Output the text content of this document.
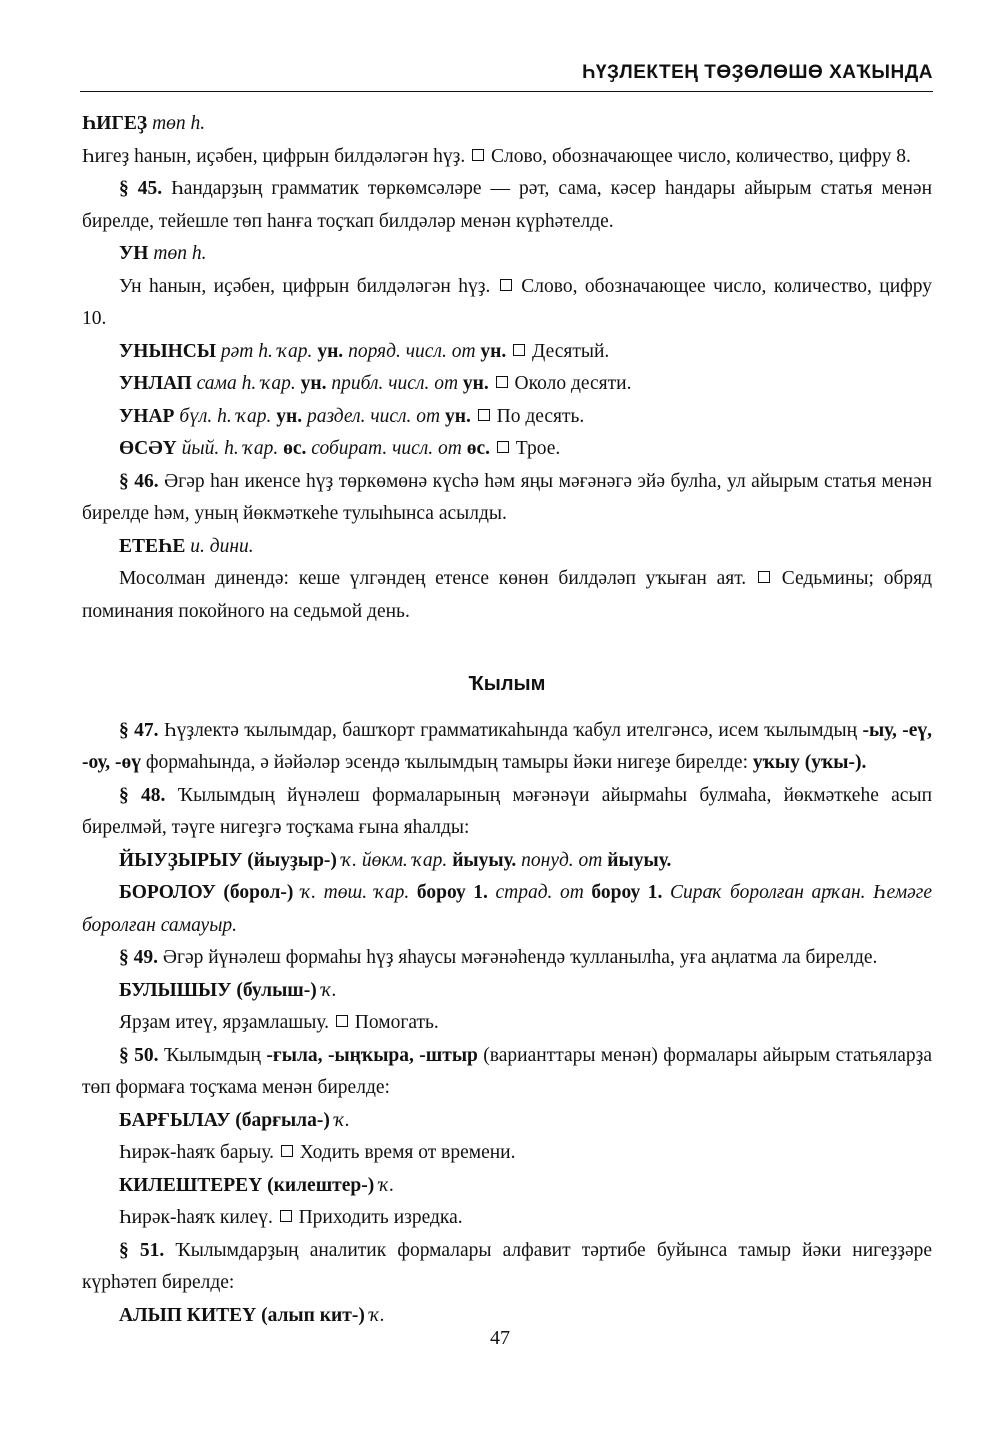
ҺҮҘЛЕКТЕҢ ТӨҘӨЛӨШӨ ХАҠЫНДА

ҺИГЕҘ төп һ.

Һигеҙ һанын, иҫәбен, цифрын билдәләгән һүҙ. Слово, обозначающее число, количество, цифру 8.

§ 45. Һандарҙың грамматик төркөмсәләре — рәт, сама, кәсер һандары айырым статья менән бирелде, тейешле төп һанға тоҫҡап билдәләр менән күрһәтелде.

УН төп һ.

Ун һанын, иҫәбен, цифрын билдәләгән һүҙ. Слово, обозначающее число, количество, цифру 10.

УНЫНСЫ рәт һ. ҡар. ун. поряд. числ. от ун. Десятый.

УНЛАП сама һ. ҡар. ун. прибл. числ. от ун. Около десяти.

УНАР бүл. һ. ҡар. ун. раздел. числ. от ун. По десять.

ӨСӘҮ йый. һ. ҡар. өс. собират. числ. от өс. Трое.

§ 46. Әгәр һан икенсе һүҙ төркөмөнә күсһә һәм яңы мәғәнәгә эйә булһа, ул айырым статья менән бирелде һәм, уның йөкмәткеһе тулыһынса асылды.

ЕТЕҺЕ и. дини.

Мосолман динендә: кеше үлгәндең етенсе көнөн билдәләп уҡыған аят. Седьмины; обряд поминания покойного на седьмой день.

Ҡылым

§ 47. Һүҙлектә ҡылымдар, башҡорт грамматикаһында ҡабул ителгәнсә, исем ҡылымдың -ыу, -еү, -оу, -өү формаһында, ә йәйәләр эсендә ҡылымдың тамыры йәки нигеҙе бирелде: уҡыу (уҡы-).

§ 48. Ҡылымдың йүнәлеш формаларының мәғәнәүи айырмаһы булмаһа, йөкмәткеһе асып бирелмәй, тәүге нигеҙгә тоҫҡама ғына яһалды:

ЙЫУҘЫРЫУ (йыуҙыр-) ҡ. йөкм. ҡар. йыуыу. понуд. от йыуыу.

БОРОЛОУ (борол-) ҡ. төш. ҡар. бороу 1. страд. от бороу 1. Сираҡ боролған арҡан. Һемәге боролған самауыр.

§ 49. Әгәр йүнәлеш формаһы һүҙ яһаусы мәғәнәһендә ҡулланылһа, уға аңлатма ла бирелде.

БУЛЫШЫУ (булыш-) ҡ.

Ярҙам итеү, ярҙамлашыу. Помогать.

§ 50. Ҡылымдың -ғыла, -ыңҡыра, -штыр (варианттары менән) формалары айырым статьяларҙа төп формаға тоҫҡама менән бирелде:

БАРҒЫЛАУ (барғыла-) ҡ.

Һирәк-һаяҡ барыу. Ходить время от времени.

КИЛЕШТЕРЕҮ (килештер-) ҡ.

Һирәк-һаяҡ килеү. Приходить изредка.

§ 51. Ҡылымдарҙың аналитик формалары алфавит тәртибе буйынса тамыр йәки нигеҙҙәре күрһәтеп бирелде:

АЛЫП КИТЕҮ (алып кит-) ҡ.

47
